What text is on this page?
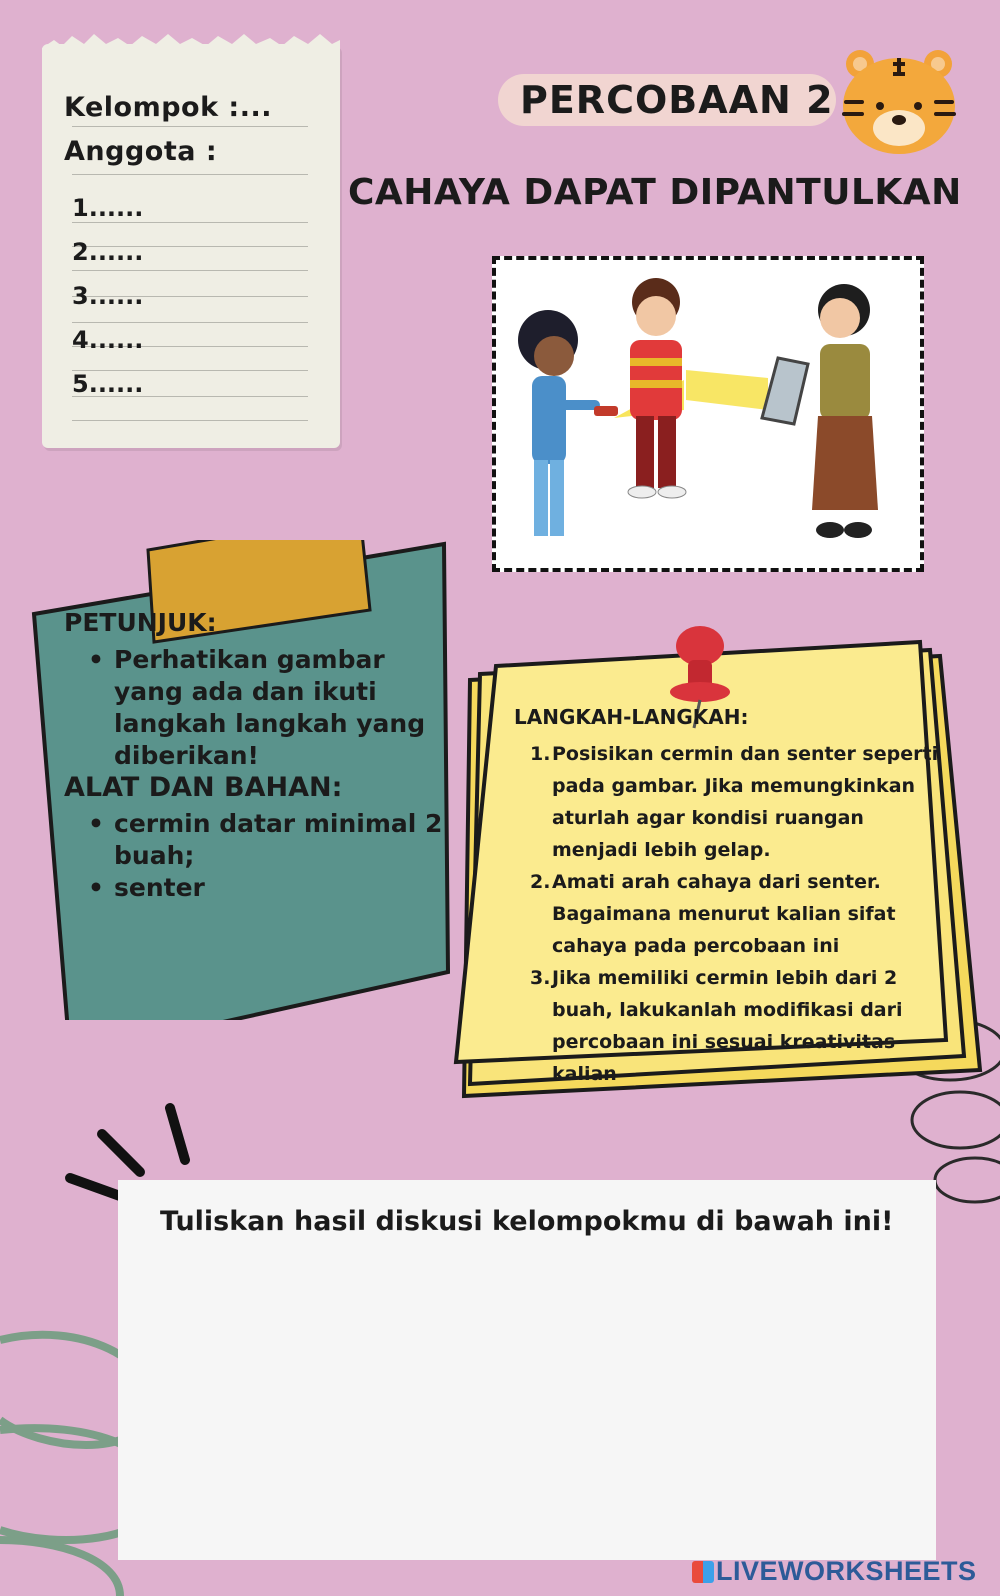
Kelompok :...
Anggota :
1......
2......
3......
4......
5......
PERCOBAAN 2
CAHAYA DAPAT DIPANTULKAN
PETUNJUK:
• Perhatikan gambar yang ada dan ikuti langkah langkah yang diberikan!
ALAT DAN BAHAN:
• cermin datar minimal 2 buah;
• senter
LANGKAH-LANGKAH:
1. Posisikan cermin dan senter seperti pada gambar. Jika memungkinkan aturlah agar kondisi ruangan menjadi lebih gelap.
2. Amati arah cahaya dari senter. Bagaimana menurut kalian sifat cahaya pada percobaan ini
3. Jika memiliki cermin lebih dari 2 buah, lakukanlah modifikasi dari percobaan ini sesuai kreativitas kalian
Tuliskan hasil diskusi kelompokmu di bawah ini!
LIVEWORKSHEETS
